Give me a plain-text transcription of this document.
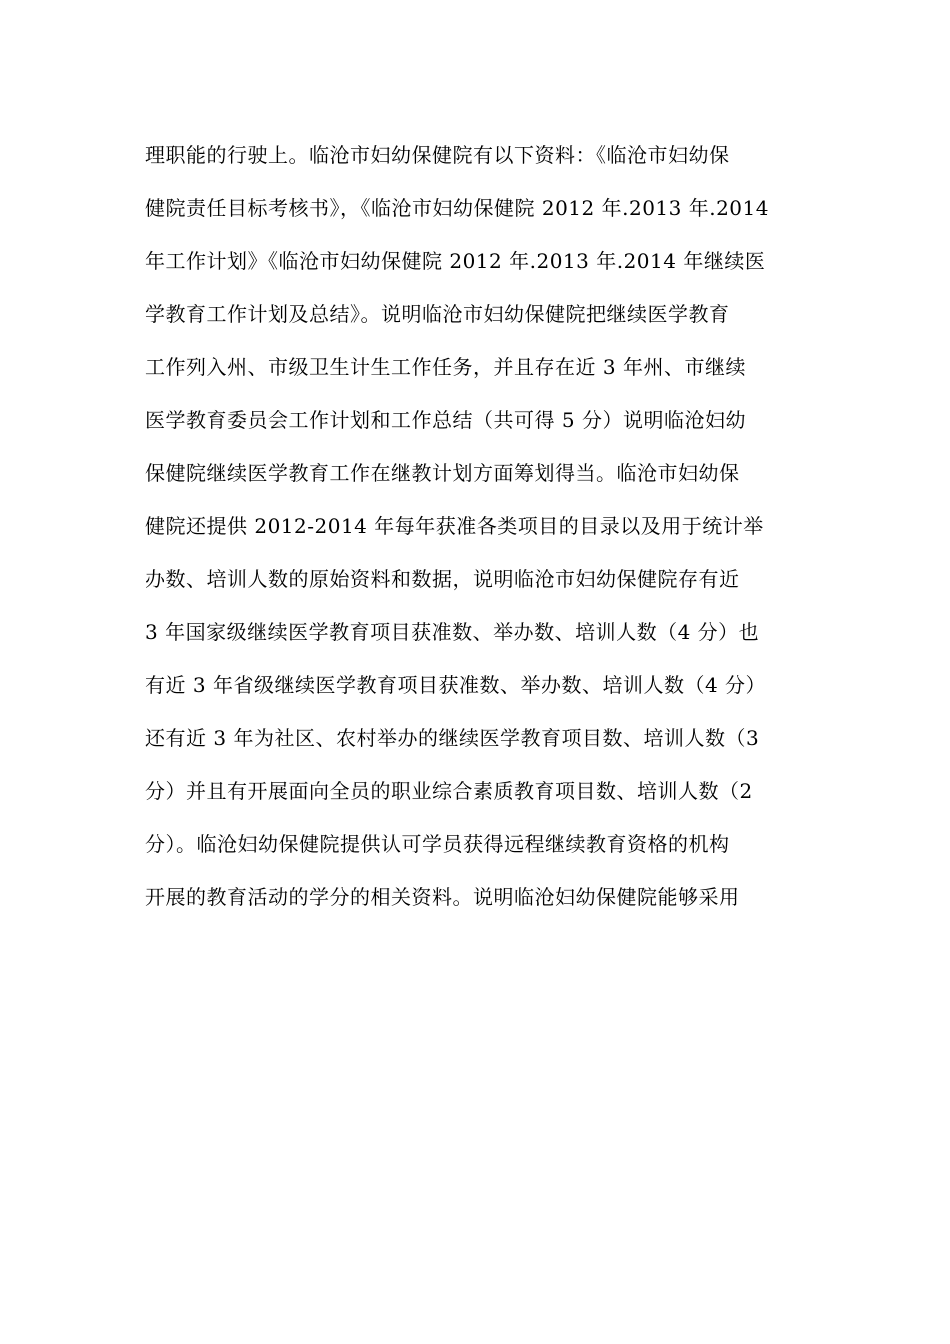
理职能的行驶上。临沧市妇幼保健院有以下资料：《临沧市妇幼保
健院责任目标考核书》，《临沧市妇幼保健院 2012 年.2013 年.2014
年工作计划》《临沧市妇幼保健院 2012 年.2013 年.2014 年继续医
学教育工作计划及总结》。说明临沧市妇幼保健院把继续医学教育
工作列入州、市级卫生计生工作任务，并且存在近 3 年州、市继续
医学教育委员会工作计划和工作总结（共可得 5 分）说明临沧妇幼
保健院继续医学教育工作在继教计划方面筹划得当。临沧市妇幼保
健院还提供 2012-2014 年每年获准各类项目的目录以及用于统计举
办数、培训人数的原始资料和数据，说明临沧市妇幼保健院存有近
3 年国家级继续医学教育项目获准数、举办数、培训人数（4 分）也
有近 3 年省级继续医学教育项目获准数、举办数、培训人数（4 分）
还有近 3 年为社区、农村举办的继续医学教育项目数、培训人数（3
分）并且有开展面向全员的职业综合素质教育项目数、培训人数（2
分）。临沧妇幼保健院提供认可学员获得远程继续教育资格的机构
开展的教育活动的学分的相关资料。说明临沧妇幼保健院能够采用
